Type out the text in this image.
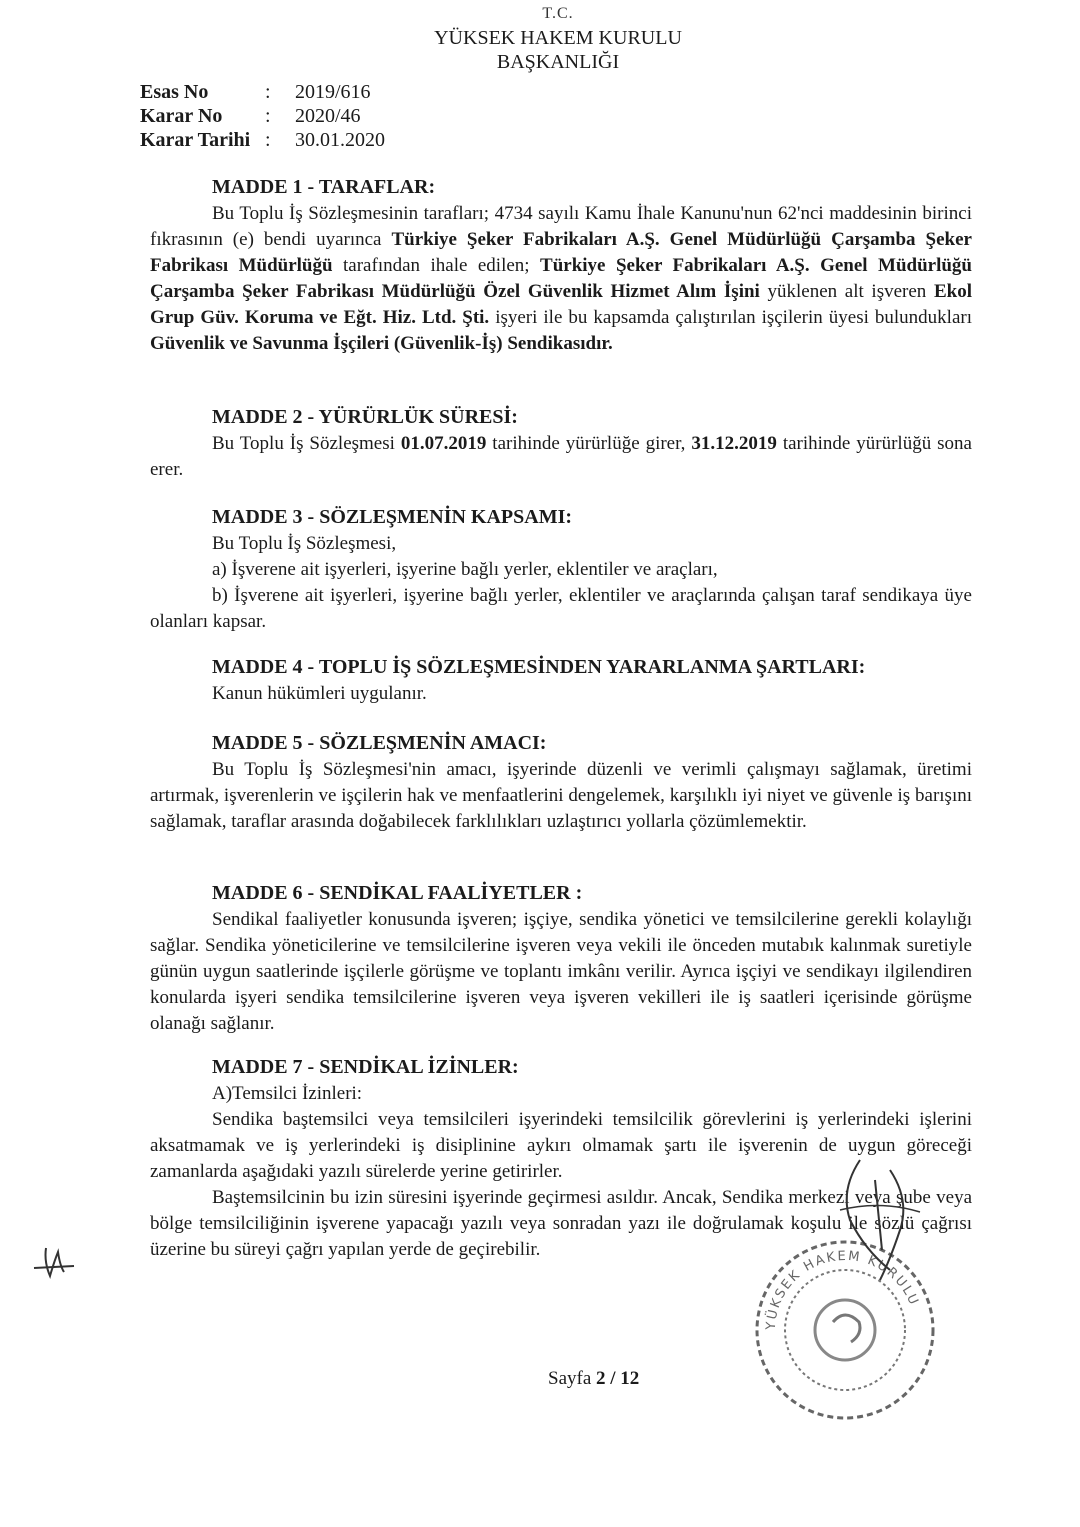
T.C.
YÜKSEK HAKEM KURULU
BAŞKANLIĞI
Esas No	:	2019/616
Karar No	:	2020/46
Karar Tarihi :	30.01.2020
MADDE 1 - TARAFLAR:

Bu Toplu İş Sözleşmesinin tarafları; 4734 sayılı Kamu İhale Kanunu'nun 62'nci maddesinin birinci fıkrasının (e) bendi uyarınca Türkiye Şeker Fabrikaları A.Ş. Genel Müdürlüğü Çarşamba Şeker Fabrikası Müdürlüğü tarafından ihale edilen; Türkiye Şeker Fabrikaları A.Ş. Genel Müdürlüğü Çarşamba Şeker Fabrikası Müdürlüğü Özel Güvenlik Hizmet Alım İşini yüklenen alt işveren Ekol Grup Güv. Koruma ve Eğt. Hiz. Ltd. Şti. işyeri ile bu kapsamda çalıştırılan işçilerin üyesi bulundukları Güvenlik ve Savunma İşçileri (Güvenlik-İş) Sendikasıdır.

MADDE 2 - YÜRÜRLÜK SÜRESİ:

Bu Toplu İş Sözleşmesi 01.07.2019 tarihinde yürürlüğe girer, 31.12.2019 tarihinde yürürlüğü sona erer.

MADDE 3 - SÖZLEŞMENİN KAPSAMI:
Bu Toplu İş Sözleşmesi,
a) İşverene ait işyerleri, işyerine bağlı yerler, eklentiler ve araçları,

b) İşverene ait işyerleri, işyerine bağlı yerler, eklentiler ve araçlarında çalışan taraf sendikaya üye olanları kapsar.

MADDE 4 - TOPLU İŞ SÖZLEŞMESİNDEN YARARLANMA ŞARTLARI:
Kanun hükümleri uygulanır.
MADDE 5 - SÖZLEŞMENİN AMACI:

Bu Toplu İş Sözleşmesi'nin amacı, işyerinde düzenli ve verimli çalışmayı sağlamak, üretimi artırmak, işverenlerin ve işçilerin hak ve menfaatlerini dengelemek, karşılıklı iyi niyet ve güvenle iş barışını sağlamak, taraflar arasında doğabilecek farklılıkları uzlaştırıcı yollarla çözümlemektir.

MADDE 6 - SENDİKAL FAALİYETLER :

Sendikal faaliyetler konusunda işveren; işçiye, sendika yönetici ve temsilcilerine gerekli kolaylığı sağlar. Sendika yöneticilerine ve temsilcilerine işveren veya vekili ile önceden mutabık kalınmak suretiyle günün uygun saatlerinde işçilerle görüşme ve toplantı imkânı verilir. Ayrıca işçiyi ve sendikayı ilgilendiren konularda işyeri sendika temsilcilerine işveren veya işveren vekilleri ile iş saatleri içerisinde görüşme olanağı sağlanır.

MADDE 7 - SENDİKAL İZİNLER:
A)Temsilci İzinleri:

Sendika baştemsilci veya temsilcileri işyerindeki temsilcilik görevlerini iş yerlerindeki işlerini aksatmamak ve iş yerlerindeki iş disiplinine aykırı olmamak şartı ile işverenin de uygun göreceği zamanlarda aşağıdaki yazılı sürelerde yerine getirirler.

Baştemsilcinin bu izin süresini işyerinde geçirmesi asıldır. Ancak, Sendika merkezi veya şube veya bölge temsilciliğinin işverene yapacağı yazılı veya sonradan yazı ile doğrulamak koşulu ile sözlü çağrısı üzerine bu süreyi çağrı yapılan yerde de geçirebilir.

Sayfa 2 / 12
YÜKSEK HAKEM KURULU
